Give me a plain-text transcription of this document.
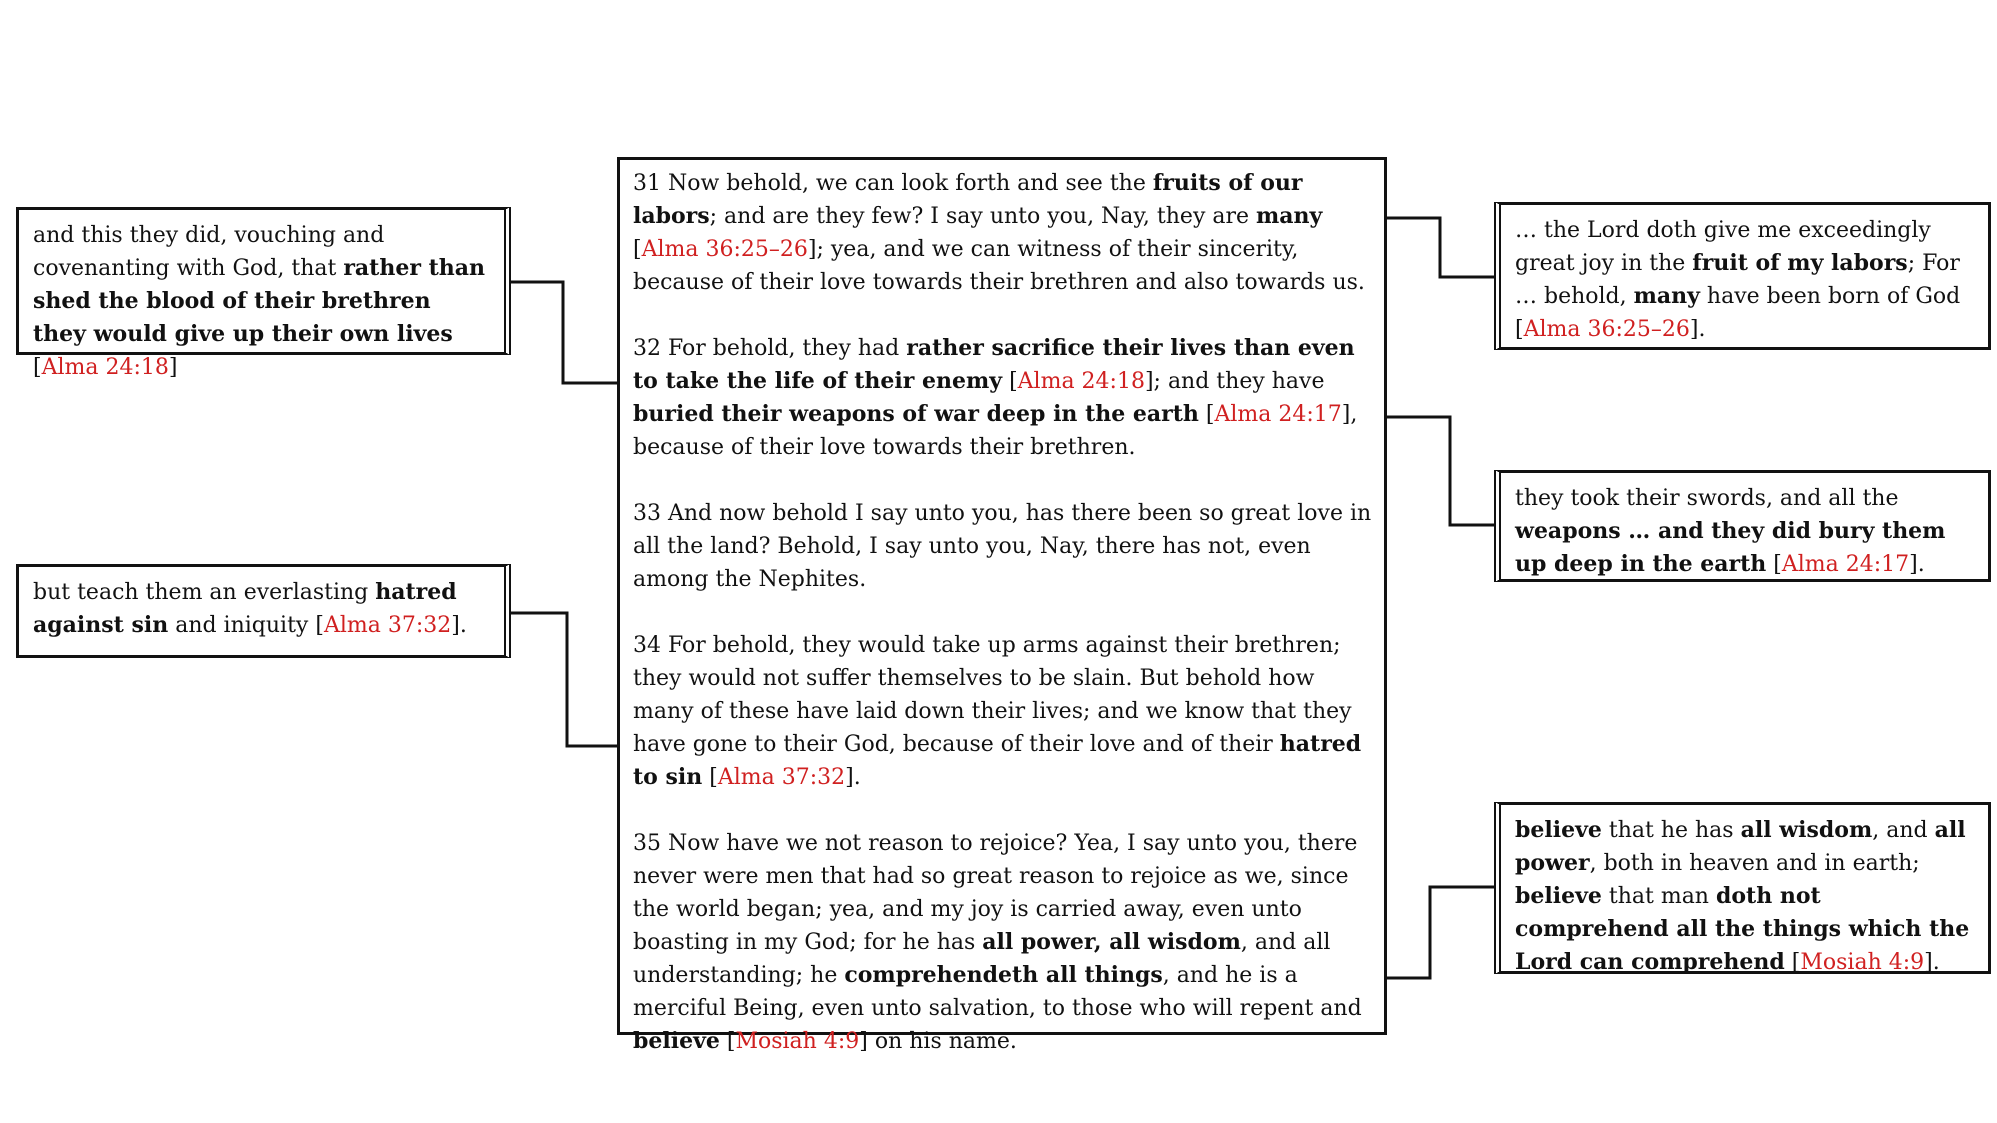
and this they did, vouching and covenanting with God, that rather than shed the blood of their brethren they would give up their own lives [Alma 24:18]

but teach them an everlasting hatred against sin and iniquity [Alma 37:32].

31 Now behold, we can look forth and see the fruits of our labors; and are they few? I say unto you, Nay, they are many [Alma 36:25–26]; yea, and we can witness of their sincerity, because of their love towards their brethren and also towards us.

32 For behold, they had rather sacrifice their lives than even to take the life of their enemy [Alma 24:18]; and they have buried their weapons of war deep in the earth [Alma 24:17], because of their love towards their brethren.

33 And now behold I say unto you, has there been so great love in all the land? Behold, I say unto you, Nay, there has not, even among the Nephites.

34 For behold, they would take up arms against their brethren; they would not suffer themselves to be slain. But behold how many of these have laid down their lives; and we know that they have gone to their God, because of their love and of their hatred to sin [Alma 37:32].

35 Now have we not reason to rejoice? Yea, I say unto you, there never were men that had so great reason to rejoice as we, since the world began; yea, and my joy is carried away, even unto boasting in my God; for he has all power, all wisdom, and all understanding; he comprehendeth all things, and he is a merciful Being, even unto salvation, to those who will repent and believe [Mosiah 4:9] on his name.

… the Lord doth give me exceedingly great joy in the fruit of my labors; For … behold, many have been born of God [Alma 36:25–26].

they took their swords, and all the weapons … and they did bury them up deep in the earth [Alma 24:17].

believe that he has all wisdom, and all power, both in heaven and in earth; believe that man doth not comprehend all the things which the Lord can comprehend [Mosiah 4:9].
